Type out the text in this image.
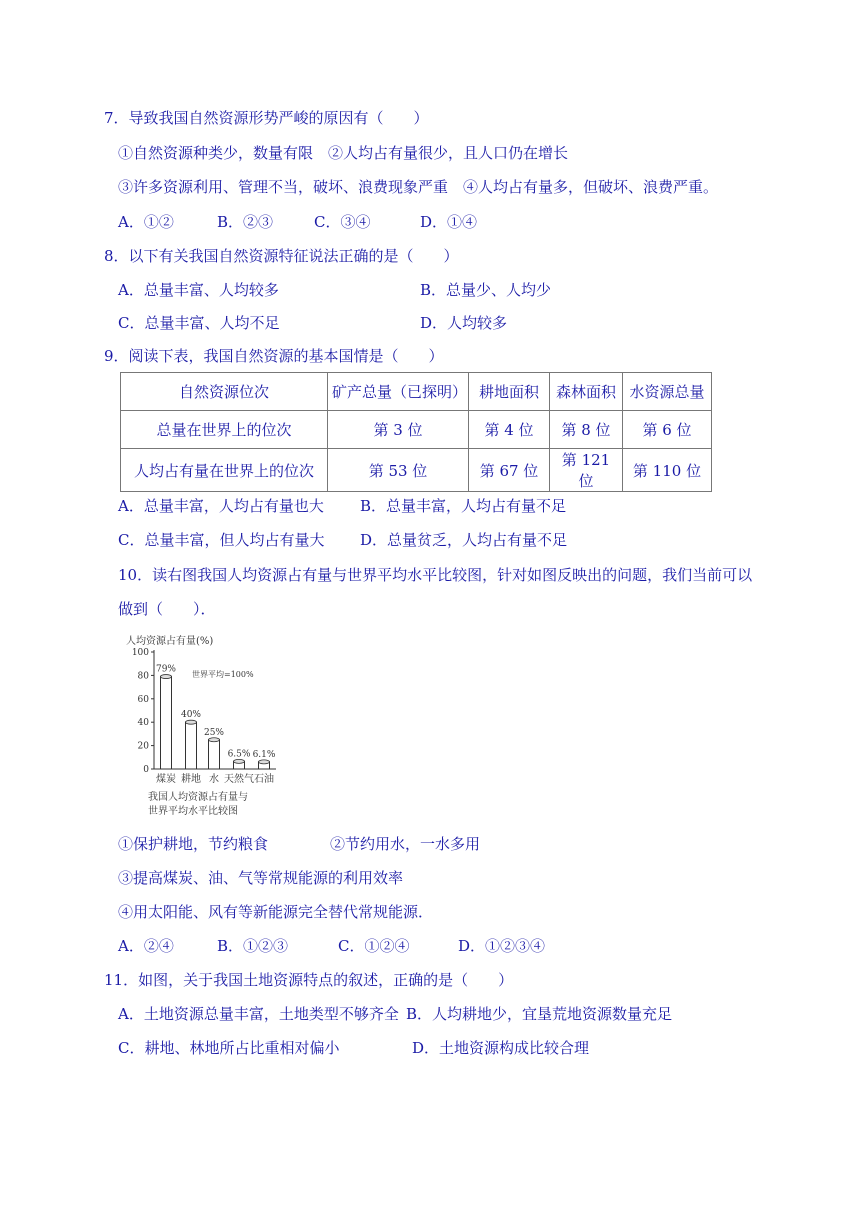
7．导致我国自然资源形势严峻的原因有（　　）
①自然资源种类少，数量有限　②人均占有量很少，且人口仍在增长
③许多资源利用、管理不当，破坏、浪费现象严重　④人均占有量多，但破坏、浪费严重。
A．①②	B．②③	C．③④	D．①④
8．以下有关我国自然资源特征说法正确的是（　　）
A．总量丰富、人均较多	B．总量少、人均少
C．总量丰富、人均不足	D．人均较多
9．阅读下表，我国自然资源的基本国情是（　　）
自然资源位次	矿产总量（已探明）	耕地面积	森林面积	水资源总量
总量在世界上的位次	第 3 位	第 4 位	第 8 位	第 6 位
人均占有量在世界上的位次	第 53 位	第 67 位	第 121 位	第 110 位
A．总量丰富，人均占有量也大 B．总量丰富，人均占有量不足
C．总量丰富，但人均占有量大 D．总量贫乏，人均占有量不足
10．读右图我国人均资源占有量与世界平均水平比较图，针对如图反映出的问题，我们当前可以
做到（　　）．
人均资源占有量(%)
0
20
40
60
80
100
世界平均=100%
79%
煤炭
40%
耕地
25%
水
6.5%
天然气
6.1%
石油
我国人均资源占有量与
世界平均水平比较图
①保护耕地，节约粮食	②节约用水，一水多用
③提高煤炭、油、气等常规能源的利用效率
④用太阳能、风有等新能源完全替代常规能源．
A．②④	B．①②③	C．①②④	D．①②③④
11．如图，关于我国土地资源特点的叙述，正确的是（　　）
A．土地资源总量丰富，土地类型不够齐全 B．人均耕地少，宜垦荒地资源数量充足
C．耕地、林地所占比重相对偏小	D．土地资源构成比较合理
